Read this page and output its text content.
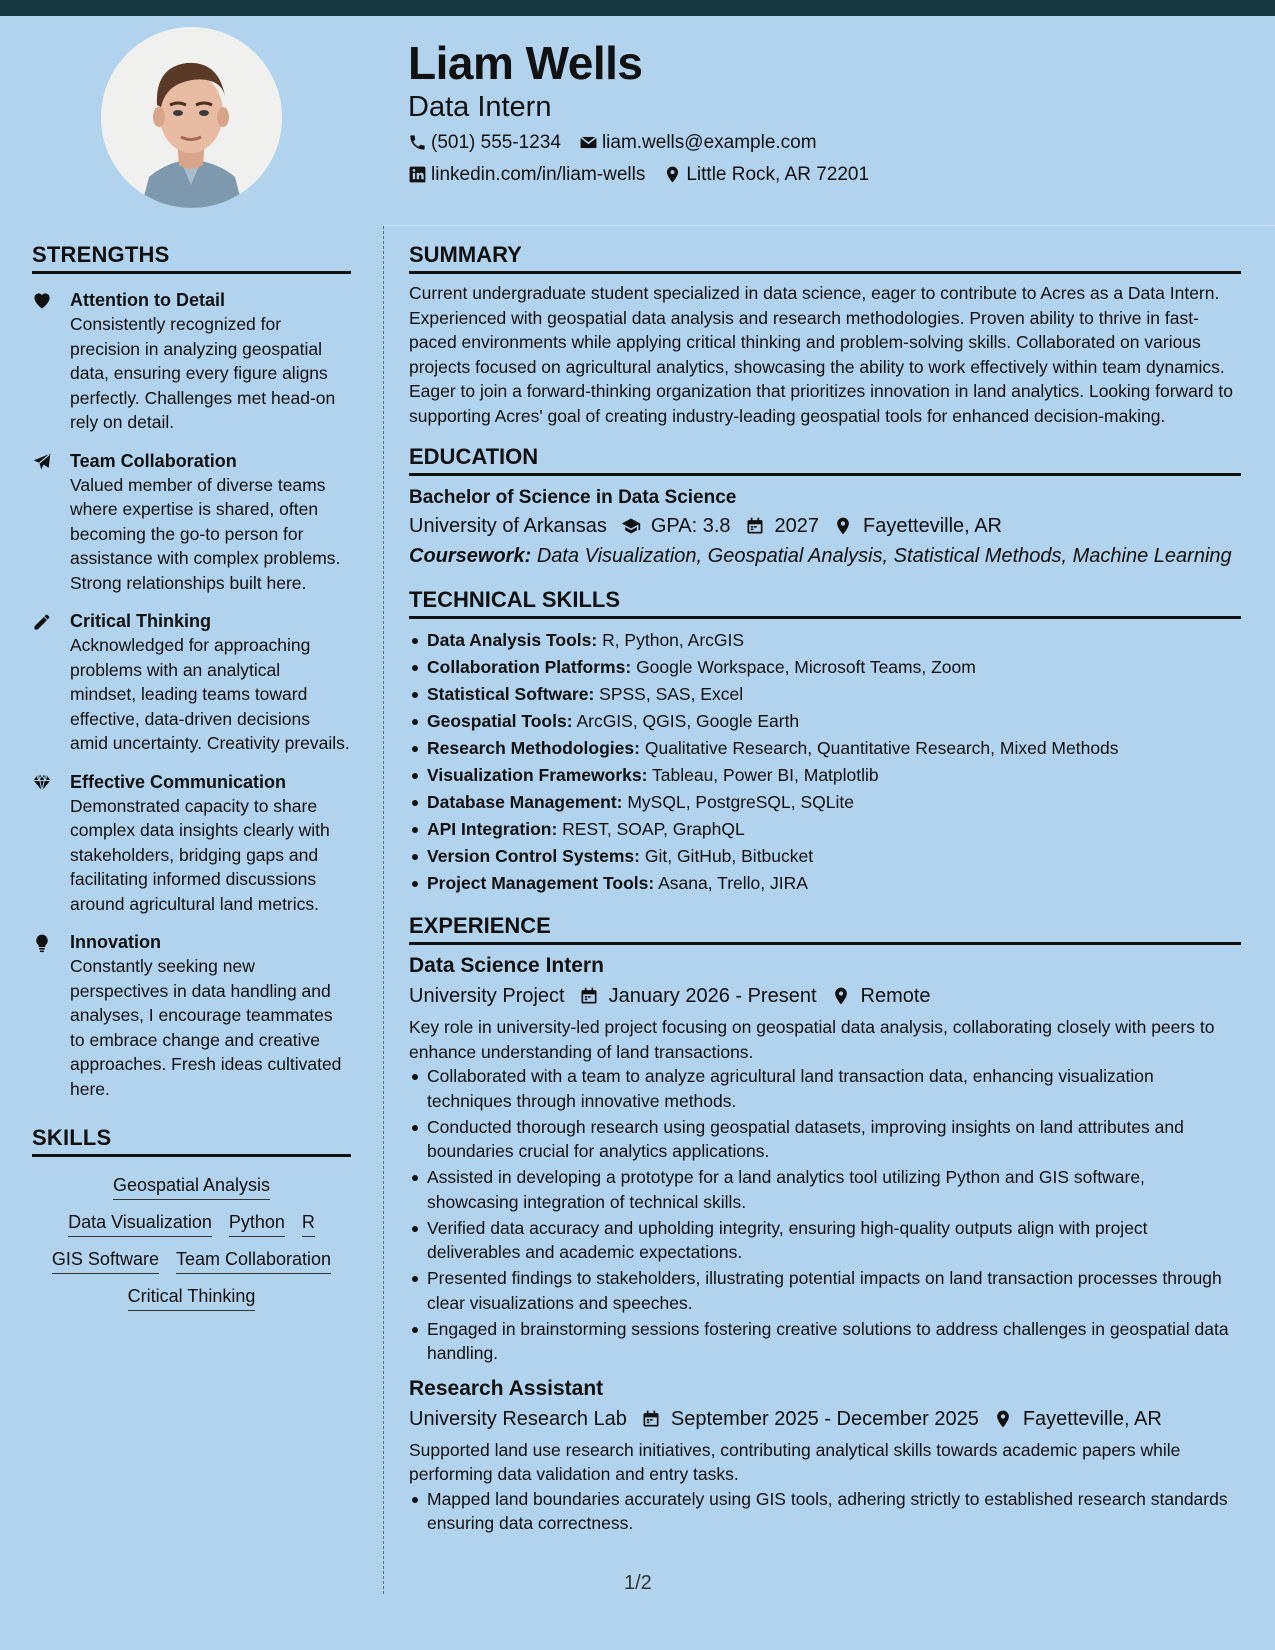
Liam Wells
Data Intern
(501) 555-1234 liam.wells@example.com
linkedin.com/in/liam-wells Little Rock, AR 72201
STRENGTHS
Attention to Detail
Consistently recognized for precision in analyzing geospatial data, ensuring every figure aligns perfectly. Challenges met head-on rely on detail.
Team Collaboration
Valued member of diverse teams where expertise is shared, often becoming the go-to person for assistance with complex problems. Strong relationships built here.
Critical Thinking
Acknowledged for approaching problems with an analytical mindset, leading teams toward effective, data-driven decisions amid uncertainty. Creativity prevails.
Effective Communication
Demonstrated capacity to share complex data insights clearly with stakeholders, bridging gaps and facilitating informed discussions around agricultural land metrics.
Innovation
Constantly seeking new perspectives in data handling and analyses, I encourage teammates to embrace change and creative approaches. Fresh ideas cultivated here.
SKILLS
Geospatial Analysis
Data Visualization Python R
GIS Software Team Collaboration
Critical Thinking
SUMMARY
Current undergraduate student specialized in data science, eager to contribute to Acres as a Data Intern. Experienced with geospatial data analysis and research methodologies. Proven ability to thrive in fast-paced environments while applying critical thinking and problem-solving skills. Collaborated on various projects focused on agricultural analytics, showcasing the ability to work effectively within team dynamics. Eager to join a forward-thinking organization that prioritizes innovation in land analytics. Looking forward to supporting Acres' goal of creating industry-leading geospatial tools for enhanced decision-making.
EDUCATION
Bachelor of Science in Data Science
University of Arkansas GPA: 3.8 2027 Fayetteville, AR
Coursework: Data Visualization, Geospatial Analysis, Statistical Methods, Machine Learning
TECHNICAL SKILLS
Data Analysis Tools: R, Python, ArcGIS
Collaboration Platforms: Google Workspace, Microsoft Teams, Zoom
Statistical Software: SPSS, SAS, Excel
Geospatial Tools: ArcGIS, QGIS, Google Earth
Research Methodologies: Qualitative Research, Quantitative Research, Mixed Methods
Visualization Frameworks: Tableau, Power BI, Matplotlib
Database Management: MySQL, PostgreSQL, SQLite
API Integration: REST, SOAP, GraphQL
Version Control Systems: Git, GitHub, Bitbucket
Project Management Tools: Asana, Trello, JIRA
EXPERIENCE
Data Science Intern
University Project January 2026 - Present Remote
Key role in university-led project focusing on geospatial data analysis, collaborating closely with peers to enhance understanding of land transactions.
Collaborated with a team to analyze agricultural land transaction data, enhancing visualization techniques through innovative methods.
Conducted thorough research using geospatial datasets, improving insights on land attributes and boundaries crucial for analytics applications.
Assisted in developing a prototype for a land analytics tool utilizing Python and GIS software, showcasing integration of technical skills.
Verified data accuracy and upholding integrity, ensuring high-quality outputs align with project deliverables and academic expectations.
Presented findings to stakeholders, illustrating potential impacts on land transaction processes through clear visualizations and speeches.
Engaged in brainstorming sessions fostering creative solutions to address challenges in geospatial data handling.
Research Assistant
University Research Lab September 2025 - December 2025 Fayetteville, AR
Supported land use research initiatives, contributing analytical skills towards academic papers while performing data validation and entry tasks.
Mapped land boundaries accurately using GIS tools, adhering strictly to established research standards ensuring data correctness.
1/2
